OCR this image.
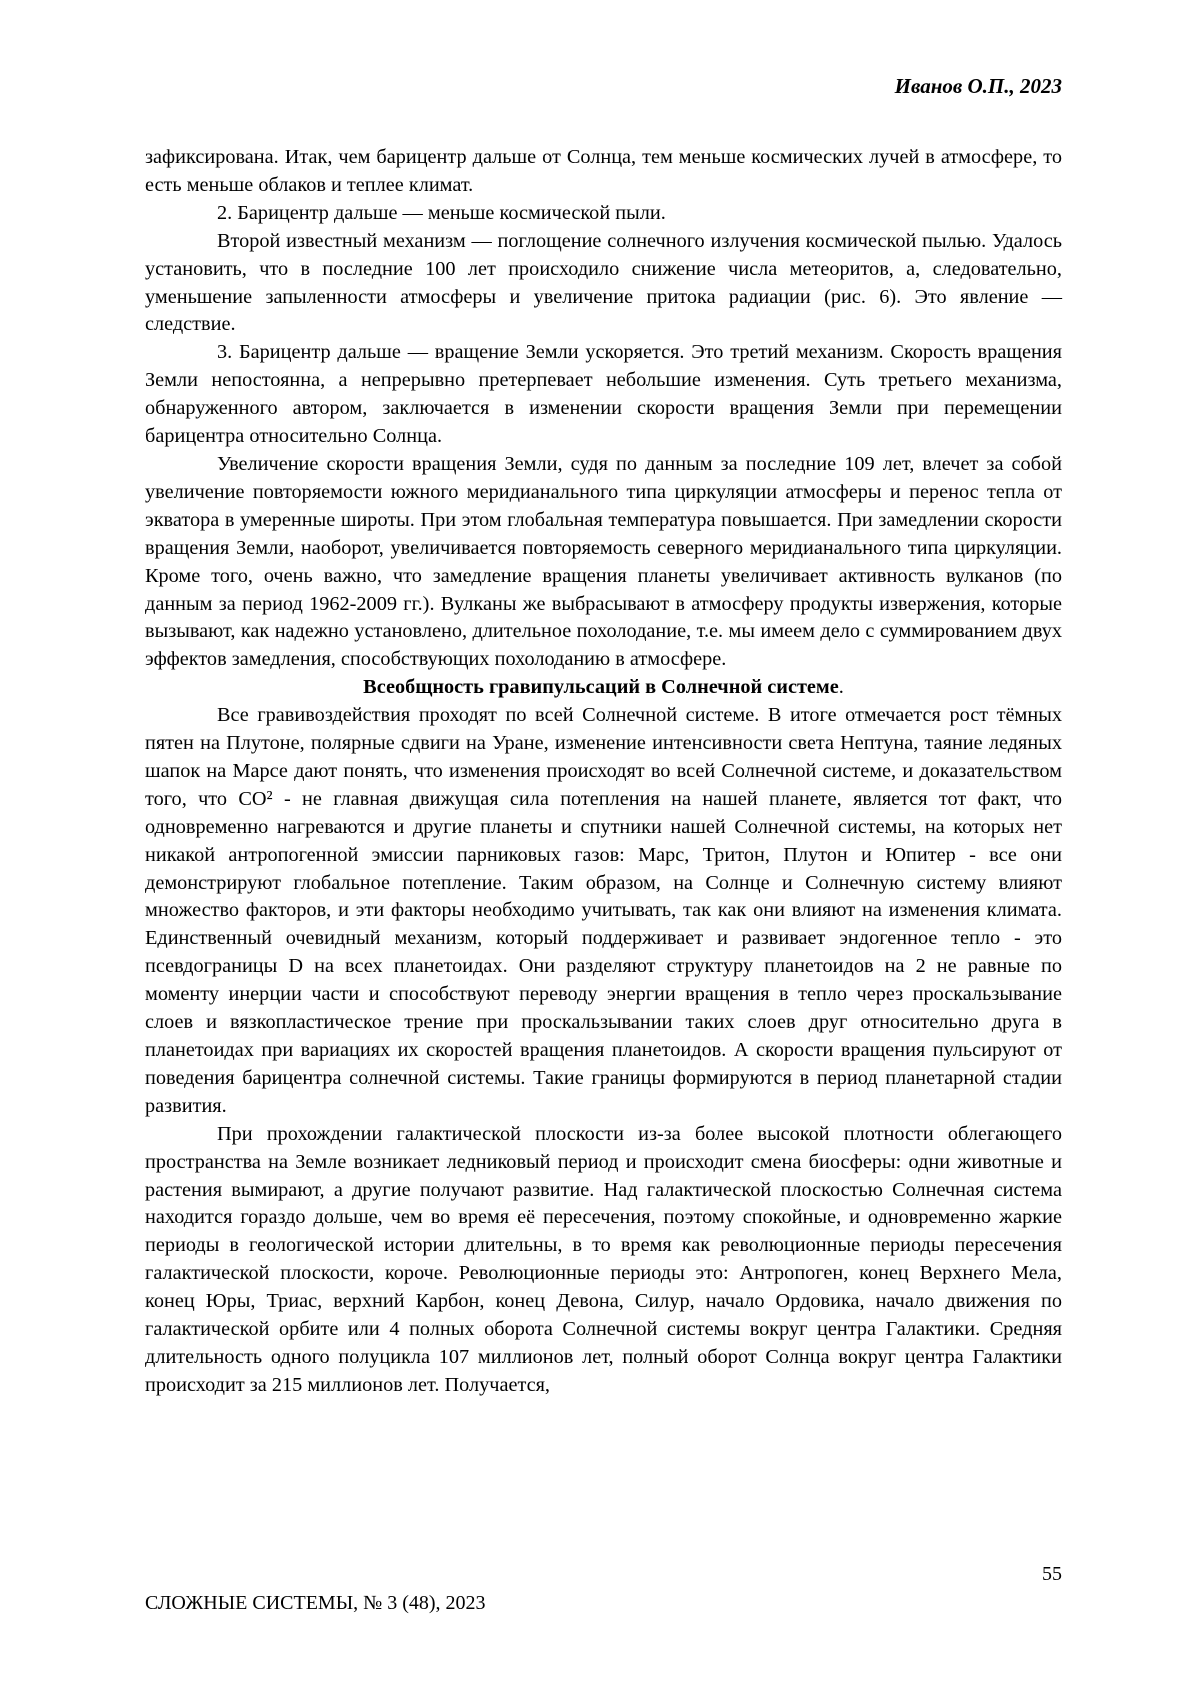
Иванов О.П., 2023

зафиксирована. Итак, чем барицентр дальше от Солнца, тем меньше космических лучей в атмосфере, то есть меньше облаков и теплее климат.

2. Барицентр дальше — меньше космической пыли.

Второй известный механизм — поглощение солнечного излучения космической пылью. Удалось установить, что в последние 100 лет происходило снижение числа метеоритов, а, следовательно, уменьшение запыленности атмосферы и увеличение притока радиации (рис. 6). Это явление — следствие.

3. Барицентр дальше — вращение Земли ускоряется. Это третий механизм. Скорость вращения Земли непостоянна, а непрерывно претерпевает небольшие изменения. Суть третьего механизма, обнаруженного автором, заключается в изменении скорости вращения Земли при перемещении барицентра относительно Солнца.

Увеличение скорости вращения Земли, судя по данным за последние 109 лет, влечет за собой увеличение повторяемости южного меридианального типа циркуляции атмосферы и перенос тепла от экватора в умеренные широты. При этом глобальная температура повышается. При замедлении скорости вращения Земли, наоборот, увеличивается повторяемость северного меридианального типа циркуляции. Кроме того, очень важно, что замедление вращения планеты увеличивает активность вулканов (по данным за период 1962-2009 гг.). Вулканы же выбрасывают в атмосферу продукты извержения, которые вызывают, как надежно установлено, длительное похолодание, т.е. мы имеем дело с суммированием двух эффектов замедления, способствующих похолоданию в атмосфере.

Всеобщность гравипульсаций в Солнечной системе.

Все гравивоздействия проходят по всей Солнечной системе. В итоге отмечается рост тёмных пятен на Плутоне, полярные сдвиги на Уране, изменение интенсивности света Нептуна, таяние ледяных шапок на Марсе дают понять, что изменения происходят во всей Солнечной системе, и доказательством того, что CO² - не главная движущая сила потепления на нашей планете, является тот факт, что одновременно нагреваются и другие планеты и спутники нашей Солнечной системы, на которых нет никакой антропогенной эмиссии парниковых газов: Марс, Тритон, Плутон и Юпитер - все они демонстрируют глобальное потепление. Таким образом, на Солнце и Солнечную систему влияют множество факторов, и эти факторы необходимо учитывать, так как они влияют на изменения климата. Единственный очевидный механизм, который поддерживает и развивает эндогенное тепло - это псевдограницы D на всех планетоидах. Они разделяют структуру планетоидов на 2 не равные по моменту инерции части и способствуют переводу энергии вращения в тепло через проскальзывание слоев и вязкопластическое трение при проскальзывании таких слоев друг относительно друга в планетоидах при вариациях их скоростей вращения планетоидов. А скорости вращения пульсируют от поведения барицентра солнечной системы. Такие границы формируются в период планетарной стадии развития.

При прохождении галактической плоскости из-за более высокой плотности облегающего пространства на Земле возникает ледниковый период и происходит смена биосферы: одни животные и растения вымирают, а другие получают развитие. Над галактической плоскостью Солнечная система находится гораздо дольше, чем во время её пересечения, поэтому спокойные, и одновременно жаркие периоды в геологической истории длительны, в то время как революционные периоды пересечения галактической плоскости, короче. Революционные периоды это: Антропоген, конец Верхнего Мела, конец Юры, Триас, верхний Карбон, конец Девона, Силур, начало Ордовика, начало движения по галактической орбите или 4 полных оборота Солнечной системы вокруг центра Галактики. Средняя длительность одного полуцикла 107 миллионов лет, полный оборот Солнца вокруг центра Галактики происходит за 215 миллионов лет. Получается,

55
СЛОЖНЫЕ СИСТЕМЫ, № 3 (48), 2023
